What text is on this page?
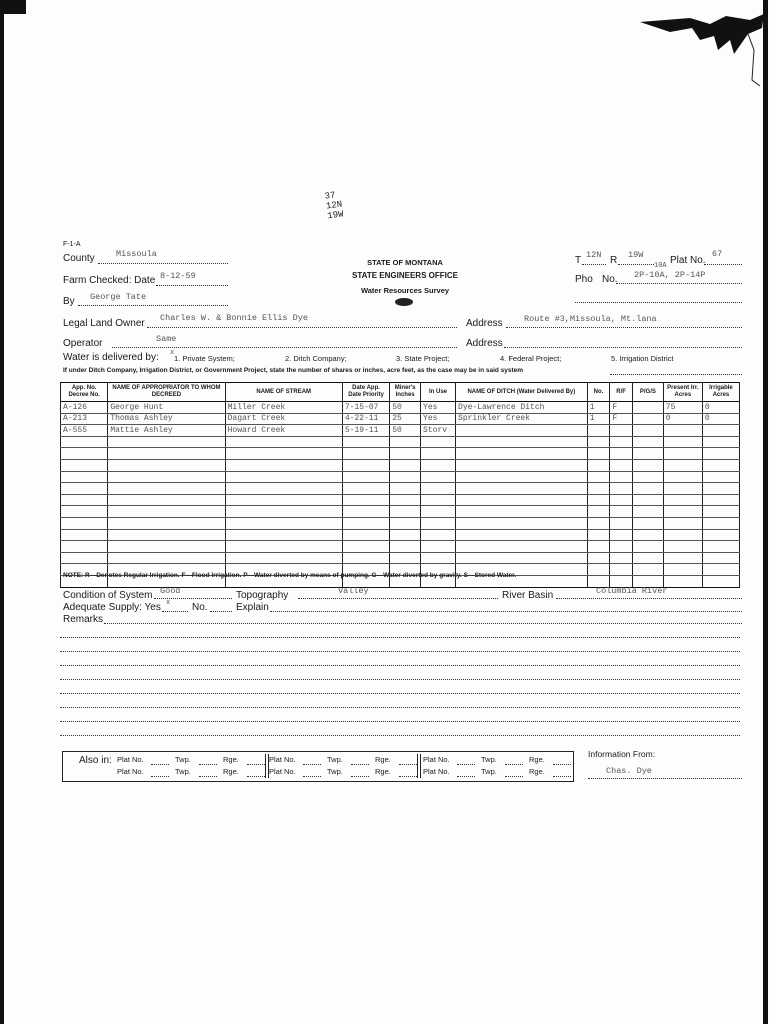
37 12N 19W
F-1-A
STATE OF MONTANA
STATE ENGINEERS OFFICE
Water Resources Survey
County	Missoula
Farm Checked: Date 8-12-59
By George Tate
T 12N R 19W	Plat No.
67
Pho No. 2P-10A, 2P-14P
10A
Legal Land Owner Charles W. & Bonnie Ellis Dye	Address	Route #3,Missoula, Mt.lana
Operator	Same	Address
Water is delivered by: x
1. Private System;	2. Ditch Company;	3. State Project;	4. Federal Project;	5. Irrigation District
If under Ditch Company, Irrigation District, or Government Project, state the number of shares or inches, acre feet, as the case may be in said system
App. No. Decree No.	NAME OF APPROPRIATOR TO WHOM DECREED	NAME OF STREAM	Date App. Date Priority	Miner's Inches	In Use	NAME OF DITCH (Water Delivered By)	No.	R/F	P/G/S	Present Irr. Acres	Irrigable Acres
A-126	George Hunt	Miller Creek	7-15-07	50	Yes	Dye-Lawrence Ditch	1	F		75	0
A-213	Thomas Ashley	Dagart Creek	4-22-11	25	Yes	Sprinkler Creek	1	F		0	0
A-555	Mattie Ashley	Howard Creek	5-19-11	50	Storv						

NOTE: R—Denotes Regular Irrigation. F—Flood Irrigation. P—Water diverted by means of pumping. G—Water diverted by gravity. S—Stored Water.
Condition of System Good	Topography	Valley	River Basin	Columbia River
Adequate Supply: Yes x No.	Explain
Remarks
Also in: Plat No.	Twp.	Rge.
Plat No.	Twp.	Rge.
Plat No.	Twp.	Rge.
Plat No.	Twp.	Rge.
Plat No.	Twp.	Rge.
Plat No.	Twp.	Rge.
Information From:
Chas. Dye
